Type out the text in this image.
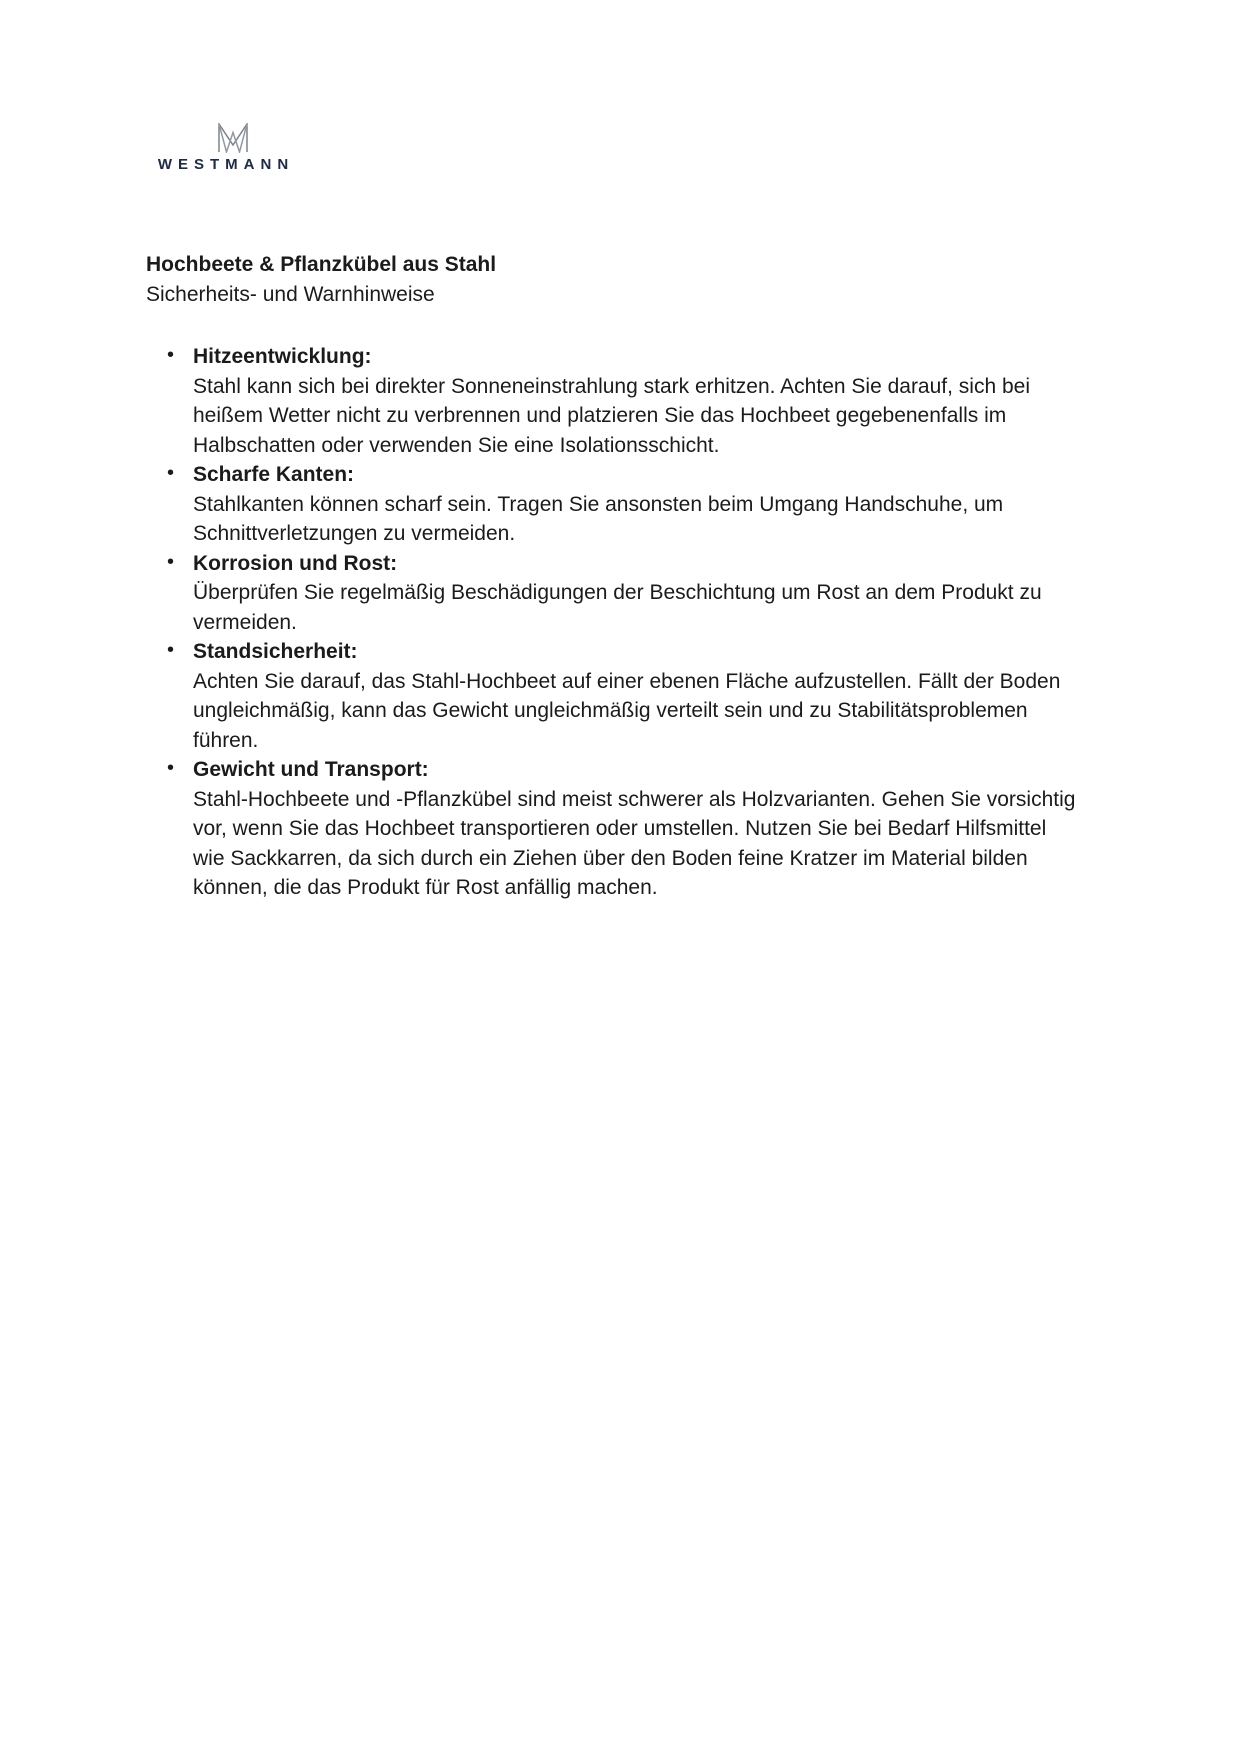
WESTMANN

Hochbeete & Pflanzkübel aus Stahl

Sicherheits- und Warnhinweise

• Hitzeentwicklung:
Stahl kann sich bei direkter Sonneneinstrahlung stark erhitzen. Achten Sie darauf, sich bei heißem Wetter nicht zu verbrennen und platzieren Sie das Hochbeet gegebenenfalls im Halbschatten oder verwenden Sie eine Isolationsschicht.
• Scharfe Kanten:
Stahlkanten können scharf sein. Tragen Sie ansonsten beim Umgang Handschuhe, um Schnittverletzungen zu vermeiden.
• Korrosion und Rost:
Überprüfen Sie regelmäßig Beschädigungen der Beschichtung um Rost an dem Produkt zu vermeiden.
• Standsicherheit:
Achten Sie darauf, das Stahl-Hochbeet auf einer ebenen Fläche aufzustellen. Fällt der Boden ungleichmäßig, kann das Gewicht ungleichmäßig verteilt sein und zu Stabilitätsproblemen führen.
• Gewicht und Transport:
Stahl-Hochbeete und -Pflanzkübel sind meist schwerer als Holzvarianten. Gehen Sie vorsichtig vor, wenn Sie das Hochbeet transportieren oder umstellen. Nutzen Sie bei Bedarf Hilfsmittel wie Sackkarren, da sich durch ein Ziehen über den Boden feine Kratzer im Material bilden können, die das Produkt für Rost anfällig machen.
